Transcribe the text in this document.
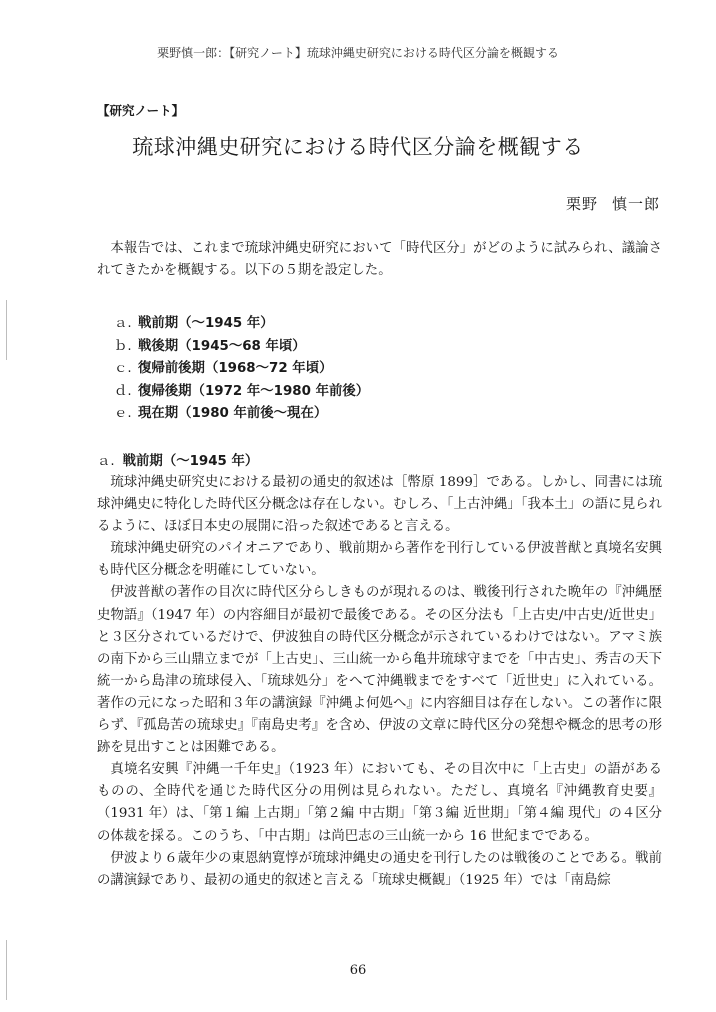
栗野慎一郎：【研究ノート】琉球沖縄史研究における時代区分論を概観する
【研究ノート】
琉球沖縄史研究における時代区分論を概観する
栗野 慎一郎

本報告では、これまで琉球沖縄史研究において「時代区分」がどのように試みられ、議論されてきたかを概観する。以下の５期を設定した。

ａ. 戦前期（〜1945 年）
ｂ. 戦後期（1945〜68 年頃）
ｃ. 復帰前後期（1968〜72 年頃）
ｄ. 復帰後期（1972 年〜1980 年前後）
ｅ. 現在期（1980 年前後〜現在）
ａ. 戦前期（〜1945 年）

琉球沖縄史研究史における最初の通史的叙述は［幣原 1899］である。しかし、同書には琉球沖縄史に特化した時代区分概念は存在しない。むしろ、「上古沖縄」「我本土」の語に見られるように、ほぼ日本史の展開に沿った叙述であると言える。

琉球沖縄史研究のパイオニアであり、戦前期から著作を刊行している伊波普猷と真境名安興も時代区分概念を明確にしていない。

伊波普猷の著作の目次に時代区分らしきものが現れるのは、戦後刊行された晩年の『沖縄歴史物語』（1947 年）の内容細目が最初で最後である。その区分法も「上古史/中古史/近世史」と３区分されているだけで、伊波独自の時代区分概念が示されているわけではない。アマミ族の南下から三山鼎立までが「上古史」、三山統一から亀井琉球守までを「中古史」、秀吉の天下統一から島津の琉球侵入、「琉球処分」をへて沖縄戦までをすべて「近世史」に入れている。著作の元になった昭和３年の講演録『沖縄よ何処へ』に内容細目は存在しない。この著作に限らず、『孤島苦の琉球史』『南島史考』を含め、伊波の文章に時代区分の発想や概念的思考の形跡を見出すことは困難である。

真境名安興『沖縄一千年史』（1923 年）においても、その目次中に「上古史」の語があるものの、全時代を通じた時代区分の用例は見られない。ただし、真境名『沖縄教育史要』（1931 年）は、「第１編 上古期」「第２編 中古期」「第３編 近世期」「第４編 現代」の４区分の体裁を採る。このうち、「中古期」は尚巴志の三山統一から 16 世紀までである。

伊波より６歳年少の東恩納寛惇が琉球沖縄史の通史を刊行したのは戦後のことである。戦前の講演録であり、最初の通史的叙述と言える「琉球史概観」（1925 年）では「南島綜

66
